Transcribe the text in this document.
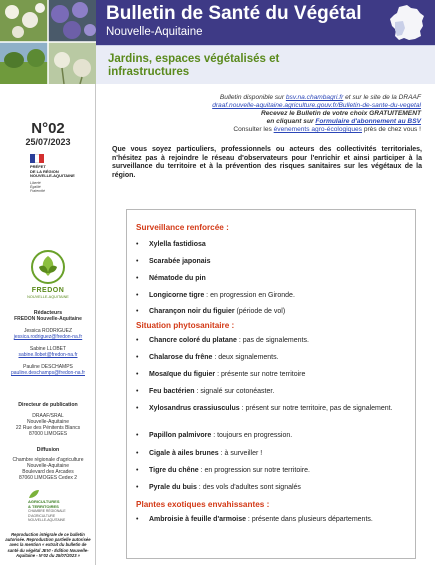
Bulletin de Santé du Végétal
Nouvelle-Aquitaine
Jardins, espaces végétalisés et infrastructures
N°02
25/07/2023
PRÉFET
DE LA RÉGION
NOUVELLE-AQUITAINE
Liberté
Égalité
Fraternité
FREDON
NOUVELLE-AQUITAINE
Rédacteurs
FREDON Nouvelle-Aquitaine
Jessica RODRIGUEZ
jessica.rodriguez@fredon-na.fr
Sabine LLOBET
sabine.llobet@fredon-na.fr
Pauline DESCHAMPS
pauline.deschamps@fredon-na.fr
Directeur de publication
DRAAF/SRAL
Nouvelle-Aquitaine
22 Rue des Pénitents Blancs
87000 LIMOGES
Diffusion
Chambre régionale d'agriculture
Nouvelle-Aquitaine
Boulevard des Arcades
87060 LIMOGES Cedex 2
AGRICULTURES
& TERRITOIRES
CHAMBRE RÉGIONALE
D'AGRICULTURE
NOUVELLE-AQUITAINE
Reproduction intégrale de ce bulletin autorisée. Reproduction partielle autorisée avec la mention « extrait du bulletin de santé du végétal JEVI - Édition Nouvelle-Aquitaine - N°02 du 25/07/2023 »
Bulletin disponible sur bsv.na.chambagri.fr et sur le site de la DRAAF
draaf.nouvelle-aquitaine.agriculture.gouv.fr/Bulletin-de-sante-du-vegetal
Recevez le Bulletin de votre choix GRATUITEMENT
en cliquant sur Formulaire d'abonnement au BSV
Consulter les évenements agro-écologiques près de chez vous !
Que vous soyez particuliers, professionnels ou acteurs des collectivités territoriales, n'hésitez pas à rejoindre le réseau d'observateurs pour l'enrichir et ainsi participer à la surveillance du territoire et à la prévention des risques sanitaires sur les végétaux de la région.
Surveillance renforcée :
• Xylella fastidiosa
• Scarabée japonais
• Nématode du pin
• Longicorne tigre : en progression en Gironde.
• Charançon noir du figuier (période de vol)
Situation phytosanitaire :
• Chancre coloré du platane : pas de signalements.
• Chalarose du frêne : deux signalements.
• Mosaïque du figuier : présente sur notre territoire
• Feu bactérien : signalé sur cotonéaster.
• Xylosandrus crassiusculus : présent sur notre territoire, pas de signalement.
• Papillon palmivore : toujours en progression.
• Cigale à ailes brunes : à surveiller !
• Tigre du chêne : en progression sur notre territoire.
• Pyrale du buis : des vols d'adultes sont signalés
Plantes exotiques envahissantes :
• Ambroisie à feuille d'armoise : présente dans plusieurs départements.
